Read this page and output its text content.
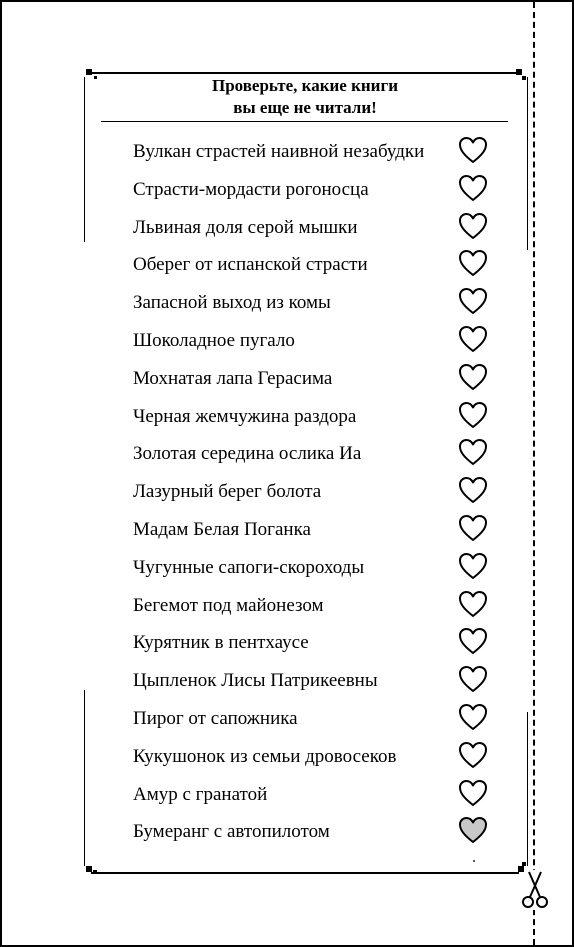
Проверьте, какие книги
вы еще не читали!
Вулкан страстей наивной незабудки
Страсти-мордасти рогоносца
Львиная доля серой мышки
Оберег от испанской страсти
Запасной выход из комы
Шоколадное пугало
Мохнатая лапа Герасима
Черная жемчужина раздора
Золотая середина ослика Иа
Лазурный берег болота
Мадам Белая Поганка
Чугунные сапоги-скороходы
Бегемот под майонезом
Курятник в пентхаусе
Цыпленок Лисы Патрикеевны
Пирог от сапожника
Кукушонок из семьи дровосеков
Амур с гранатой
Бумеранг с автопилотом
